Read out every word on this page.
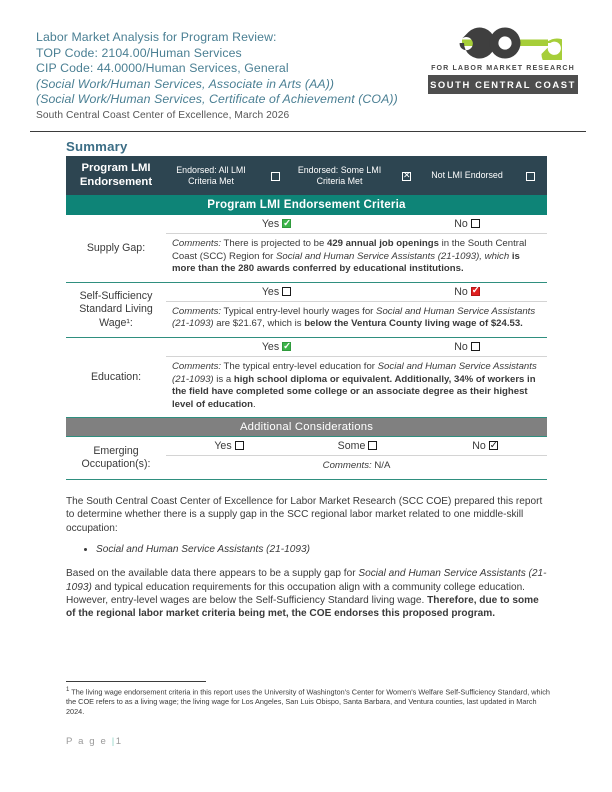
Labor Market Analysis for Program Review:
TOP Code: 2104.00/Human Services
CIP Code: 44.0000/Human Services, General
(Social Work/Human Services, Associate in Arts (AA))
(Social Work/Human Services, Certificate of Achievement (COA))
South Central Coast Center of Excellence, March 2026
FOR LABOR MARKET RESEARCH
SOUTH CENTRAL COAST
Summary
Program LMI Endorsement	Endorsed: All LMI Criteria Met		Endorsed: Some LMI Criteria Met	✕	Not LMI Endorsed	
Program LMI Endorsement Criteria						
Supply Gap:	Yes ✓			No		
	Comments: There is projected to be 429 annual job openings in the South Central Coast (SCC) Region for Social and Human Service Assistants (21-1093), which is more than the 280 awards conferred by educational institutions.					
Self-Sufficiency Standard Living Wage¹:	Yes			No ✓		

	Comments: Typical entry-level hourly wages for Social and Human Service Assistants (21-1093) are $21.67, which is below the Ventura County living wage of $24.53.					
Education:	Yes ✓			No		
	Comments: The typical entry-level education for Social and Human Service Assistants (21-1093) is a high school diploma or equivalent. Additionally, 34% of workers in the field have completed some college or an associate degree as their highest level of education.					
Additional Considerations						
Emerging Occupation(s):	Yes		Some		No ✓	

	Comments: N/A					

The South Central Coast Center of Excellence for Labor Market Research (SCC COE) prepared this report to determine whether there is a supply gap in the SCC regional labor market related to one middle-skill occupation:

• Social and Human Service Assistants (21-1093)

Based on the available data there appears to be a supply gap for Social and Human Service Assistants (21-1093) and typical education requirements for this occupation align with a community college education. However, entry-level wages are below the Self-Sufficiency Standard living wage. Therefore, due to some of the regional labor market criteria being met, the COE endorses this proposed program.

$^1$ The living wage endorsement criteria in this report uses the University of Washington's Center for Women's Welfare Self-Sufficiency Standard, which the COE refers to as a living wage; the living wage for Los Angeles, San Luis Obispo, Santa Barbara, and Ventura counties, last updated in March 2024.
P a g e |1
